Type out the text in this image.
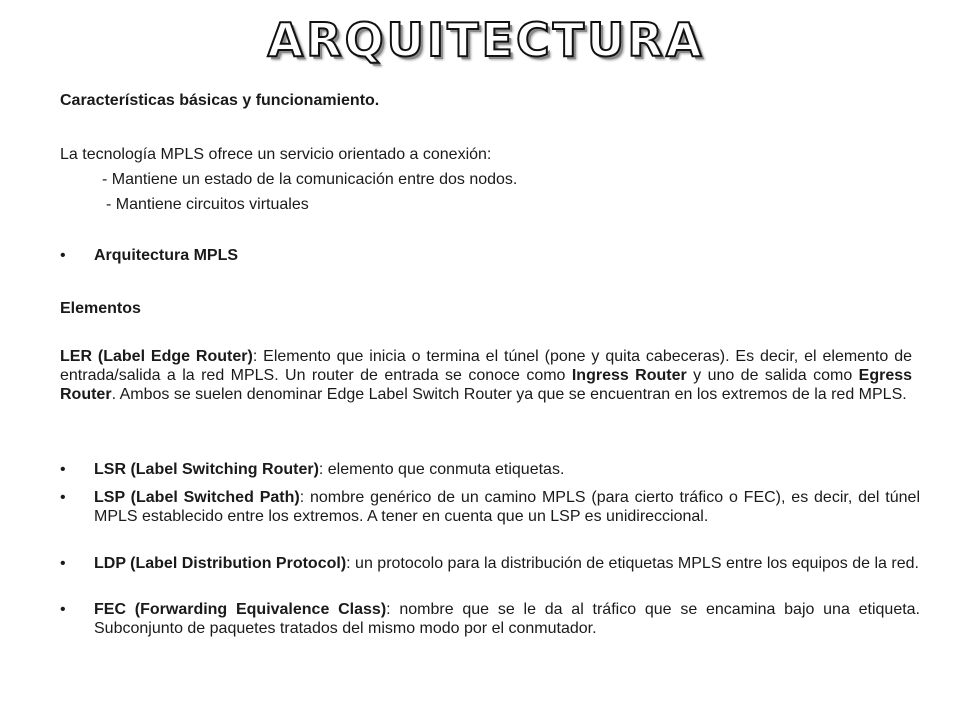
ARQUITECTURA

Características básicas y funcionamiento.

La tecnología MPLS ofrece un servicio orientado a conexión:

- Mantiene un estado de la comunicación entre dos nodos.

- Mantiene circuitos virtuales

•	Arquitectura MPLS

Elementos

LER (Label Edge Router): Elemento que inicia o termina el túnel (pone y quita cabeceras). Es decir, el elemento de entrada/salida a la red MPLS. Un router de entrada se conoce como Ingress Router y uno de salida como Egress Router. Ambos se suelen denominar Edge Label Switch Router ya que se encuentran en los extremos de la red MPLS.

•	LSR (Label Switching Router): elemento que conmuta etiquetas.
•	LSP (Label Switched Path): nombre genérico de un camino MPLS (para cierto tráfico o FEC), es decir, del túnel MPLS establecido entre los extremos. A tener en cuenta que un LSP es unidireccional.
•	LDP (Label Distribution Protocol): un protocolo para la distribución de etiquetas MPLS entre los equipos de la red.
•	FEC (Forwarding Equivalence Class): nombre que se le da al tráfico que se encamina bajo una etiqueta. Subconjunto de paquetes tratados del mismo modo por el conmutador.
